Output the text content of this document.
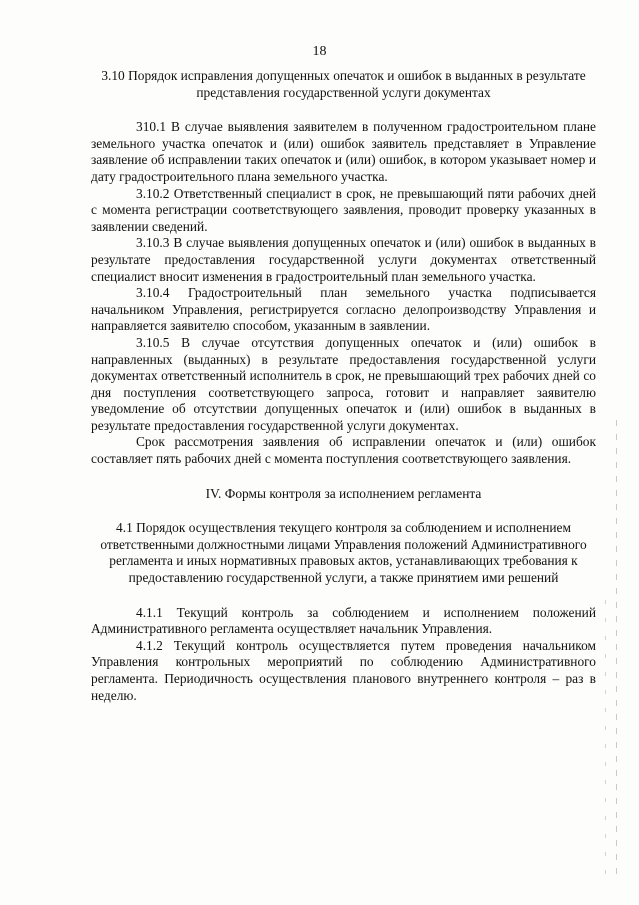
18

3.10 Порядок исправления допущенных опечаток и ошибок в выданных в результате представления государственной услуги документах

310.1 В случае выявления заявителем в полученном градостроительном плане земельного участка опечаток и (или) ошибок заявитель представляет в Управление заявление об исправлении таких опечаток и (или) ошибок, в котором указывает номер и дату градостроительного плана земельного участка.

3.10.2 Ответственный специалист в срок, не превышающий пяти рабочих дней с момента регистрации соответствующего заявления, проводит проверку указанных в заявлении сведений.

3.10.3 В случае выявления допущенных опечаток и (или) ошибок в выданных в результате предоставления государственной услуги документах ответственный специалист вносит изменения в градостроительный план земельного участка.

3.10.4 Градостроительный план земельного участка подписывается начальником Управления, регистрируется согласно делопроизводству Управления и направляется заявителю способом, указанным в заявлении.

3.10.5 В случае отсутствия допущенных опечаток и (или) ошибок в направленных (выданных) в результате предоставления государственной услуги документах ответственный исполнитель в срок, не превышающий трех рабочих дней со дня поступления соответствующего запроса, готовит и направляет заявителю уведомление об отсутствии допущенных опечаток и (или) ошибок в выданных в результате предоставления государственной услуги документах.

Срок рассмотрения заявления об исправлении опечаток и (или) ошибок составляет пять рабочих дней с момента поступления соответствующего заявления.

IV. Формы контроля за исполнением регламента

4.1 Порядок осуществления текущего контроля за соблюдением и исполнением ответственными должностными лицами Управления положений Административного регламента и иных нормативных правовых актов, устанавливающих требования к предоставлению государственной услуги, а также принятием ими решений

4.1.1 Текущий контроль за соблюдением и исполнением положений Административного регламента осуществляет начальник Управления.

4.1.2 Текущий контроль осуществляется путем проведения начальником Управления контрольных мероприятий по соблюдению Административного регламента. Периодичность осуществления планового внутреннего контроля – раз в неделю.
